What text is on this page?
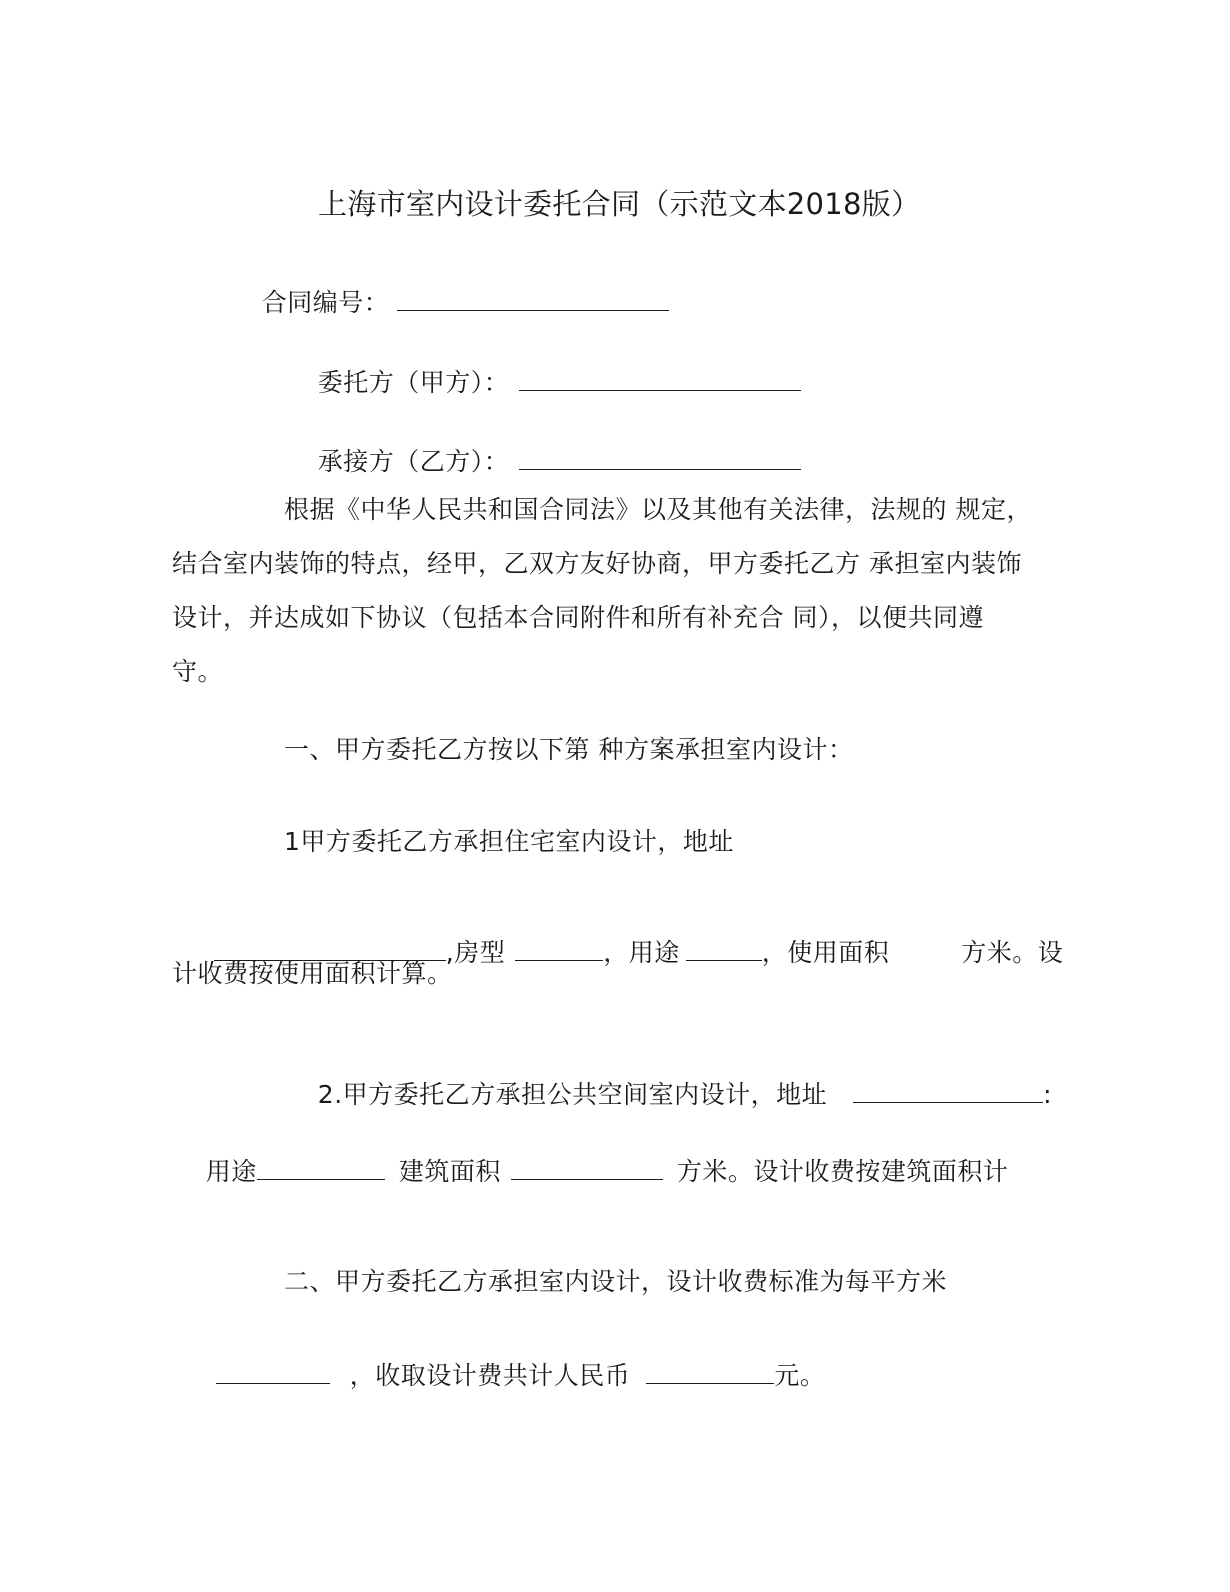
上海市室内设计委托合同（示范文本2018版）

合同编号：

委托方（甲方）：

承接方（乙方）：

根据《中华人民共和国合同法》以及其他有关法律，法规的 规定，
结合室内装饰的特点，经甲，乙双方友好协商，甲方委托乙方 承担室内装饰
设计，并达成如下协议（包括本合同附件和所有补充合 同），以便共同遵
守。
一、甲方委托乙方按以下第 种方案承担室内设计：
1甲方委托乙方承担住宅室内设计，地址

,房型	，用途	，使用面积	方米。设

计收费按使用面积计算。

2.甲方委托乙方承担公共空间室内设计，地址	:

用途	建筑面积	方米。设计收费按建筑面积计

二、甲方委托乙方承担室内设计，设计收费标准为每平方米

，收取设计费共计人民币	元。
